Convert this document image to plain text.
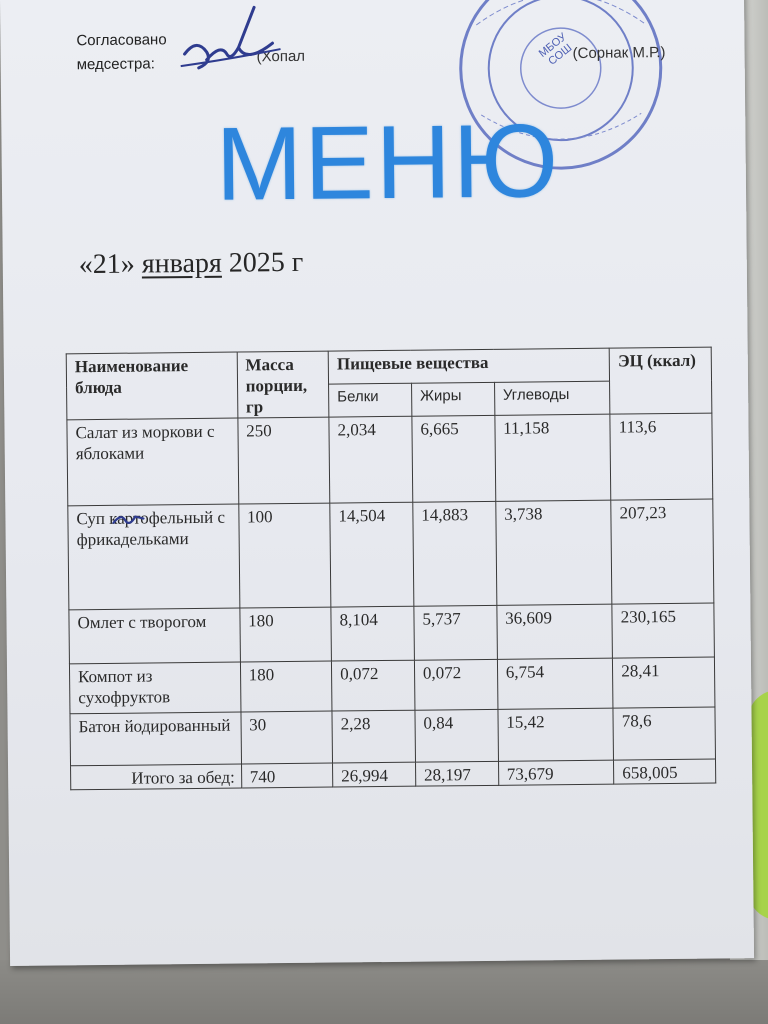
МБОУ СОШ
Согласовано
медсестра:	(Хопал	(Сорнак М.Р.)
МЕНЮ
«21» января 2025 г
Наименование блюда	Масса порции, гр	Пищевые вещества			ЭЦ (ккал)
		Белки	Жиры	Углеводы	
Салат из моркови с яблоками	250	2,034	6,665	11,158	113,6
Суп картофельный с фрикадельками	100	14,504	14,883	3,738	207,23
Омлет с творогом	180	8,104	5,737	36,609	230,165
Компот из сухофруктов	180	0,072	0,072	6,754	28,41
Батон йодированный	30	2,28	0,84	15,42	78,6
Итого за обед:	740	26,994	28,197	73,679	658,005
